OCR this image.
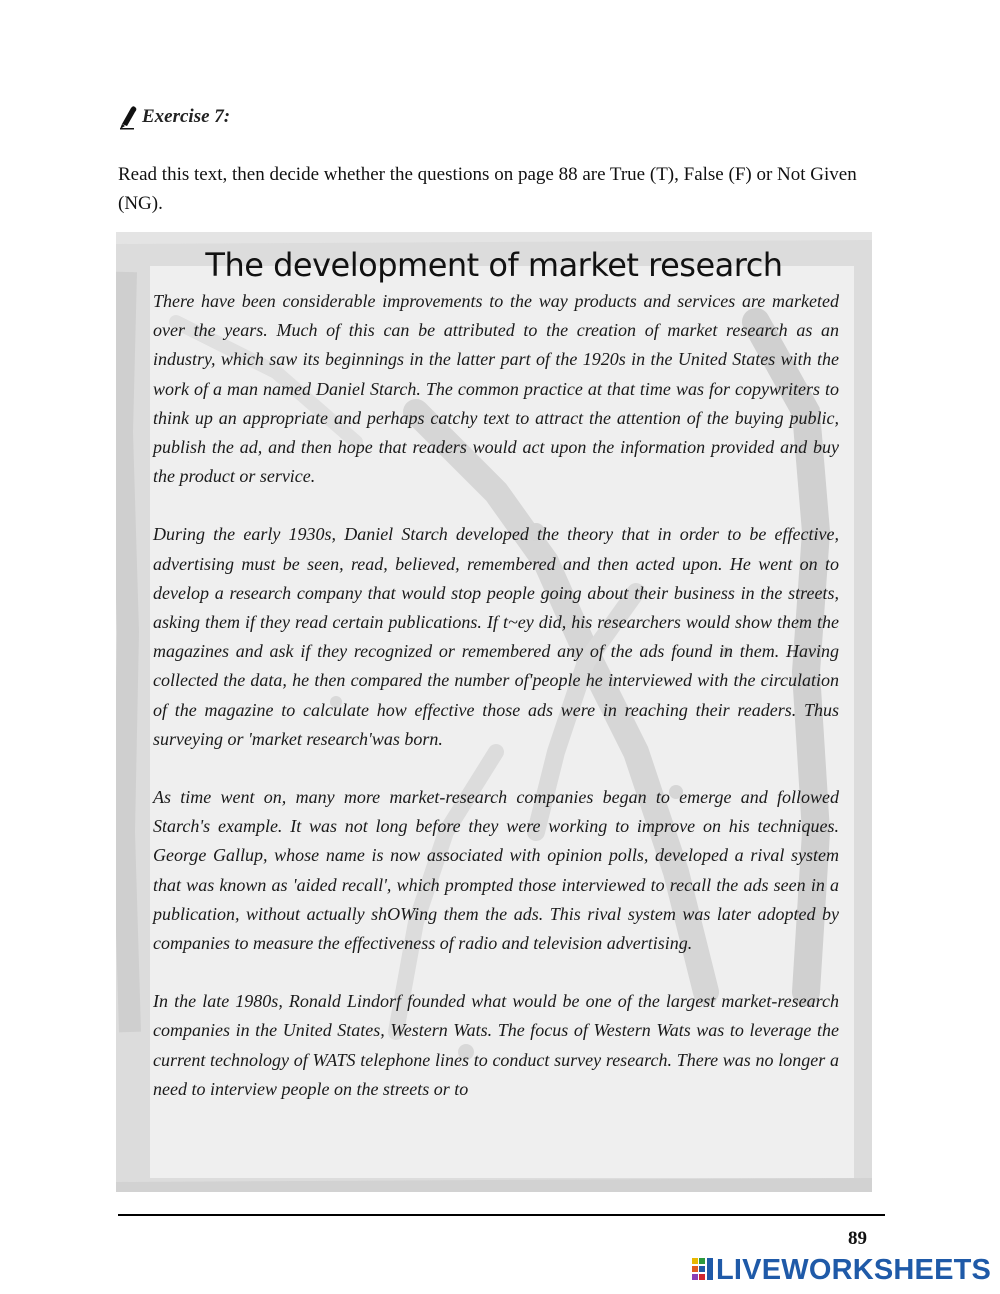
Exercise 7:

Read this text, then decide whether the questions on page 88 are True (T), False (F) or Not Given (NG).

The development of market research

There have been considerable improvements to the way products and services are marketed over the years. Much of this can be attributed to the creation of market research as an industry, which saw its beginnings in the latter part of the 1920s in the United States with the work of a man named Daniel Starch. The common practice at that time was for copywriters to think up an appropriate and perhaps catchy text to attract the attention of the buying public, publish the ad, and then hope that readers would act upon the information provided and buy the product or service.

During the early 1930s, Daniel Starch developed the theory that in order to be effective, advertising must be seen, read, believed, remembered and then acted upon. He went on to develop a research company that would stop people going about their business in the streets, asking them if they read certain publications. If t~ey did, his researchers would show them the magazines and ask if they recognized or remembered any of the ads found in them. Having collected the data, he then compared the number of'people he interviewed with the circulation of the magazine to calculate how effective those ads were in reaching their readers. Thus surveying or 'market research'was born.

As time went on, many more market-research companies began to emerge and followed Starch's example. It was not long before they were working to improve on his techniques. George Gallup, whose name is now associated with opinion polls, developed a rival system that was known as 'aided recall', which prompted those interviewed to recall the ads seen in a publication, without actually shOWing them the ads. This rival system was later adopted by companies to measure the effectiveness of radio and television advertising.

In the late 1980s, Ronald Lindorf founded what would be one of the largest market-research companies in the United States, Western Wats. The focus of Western Wats was to leverage the current technology of WATS telephone lines to conduct survey research. There was no longer a need to interview people on the streets or to

89
LIVEWORKSHEETS
